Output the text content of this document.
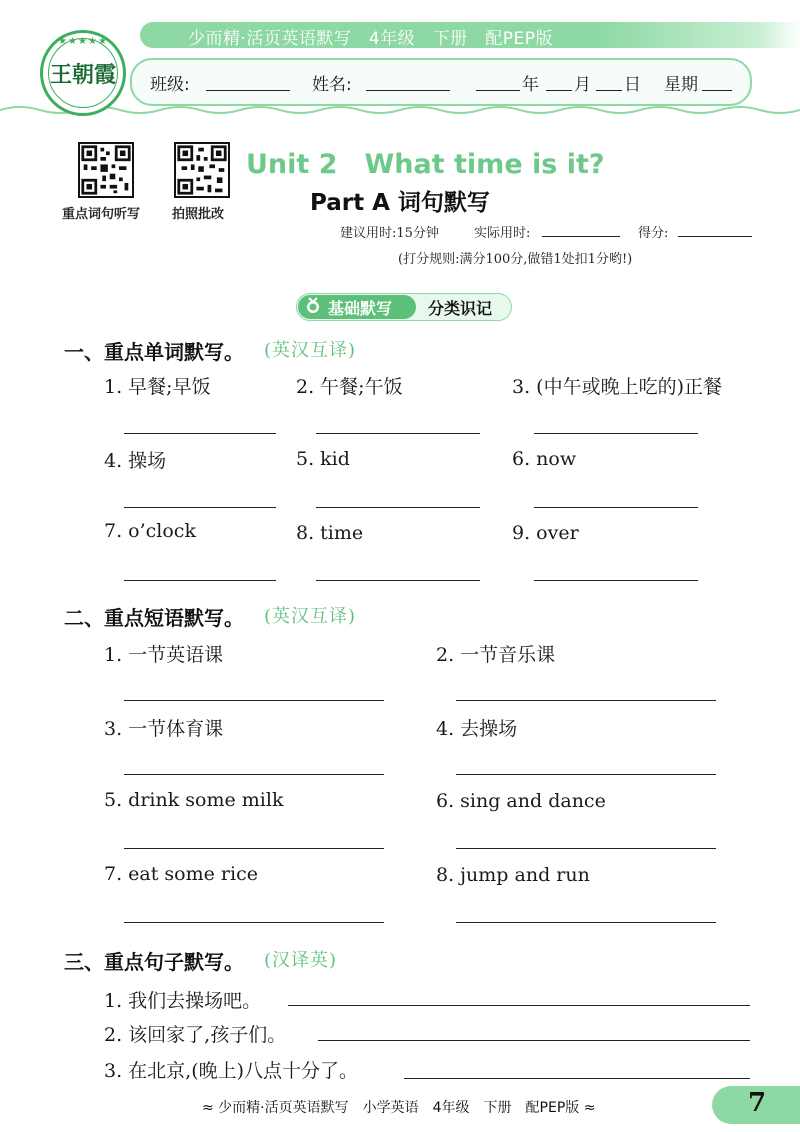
少而精·活页英语默写　4年级　下册　配PEP版
班级:	姓名:	年 月 日 星期
★★★★★
王朝霞
重点词句听写 拍照批改
Unit 2　What time is it?
Part A 词句默写
建议用时:15分钟	实际用时:	得分:
(打分规则:满分100分,做错1处扣1分哟!)
基础默写 分类识记
一、重点单词默写。 (英汉互译)
1. 早餐;早饭	2. 午餐;午饭	3. (中午或晚上吃的)正餐
4. 操场	5. kid	6. now
7. o’clock	8. time	9. over
二、重点短语默写。 (英汉互译)
1. 一节英语课	2. 一节音乐课
3. 一节体育课	4. 去操场
5. drink some milk	6. sing and dance
7. eat some rice	8. jump and run
三、重点句子默写。 (汉译英)
1. 我们去操场吧。
2. 该回家了,孩子们。
3. 在北京,(晚上)八点十分了。
≈ 少而精·活页英语默写　小学英语　4年级　下册　配PEP版 ≈	7
